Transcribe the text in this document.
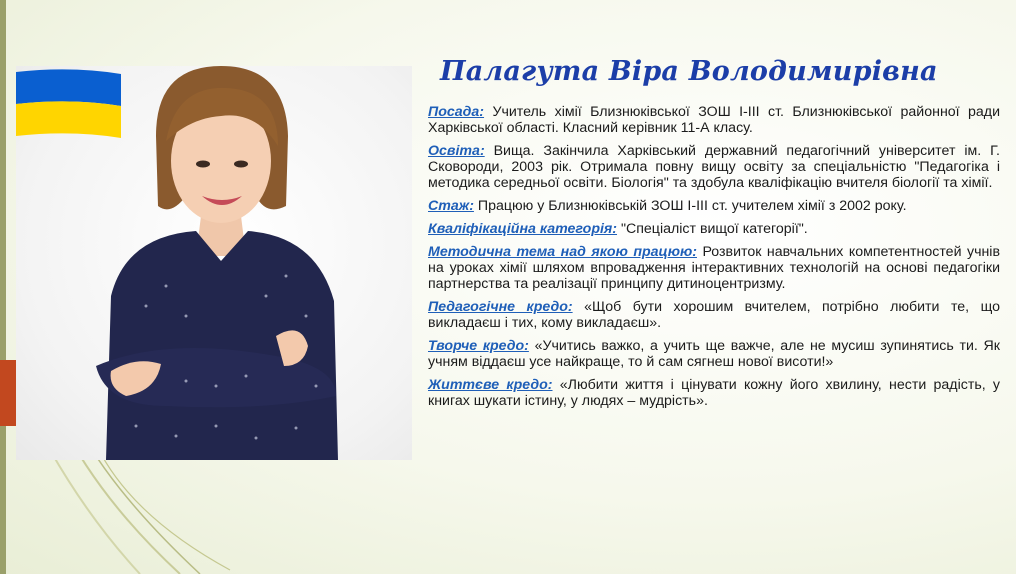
Палагута Віра Володимирівна

Посада: Учитель хімії Близнюківської ЗОШ І-ІІІ ст. Близнюківської районної ради Харківської області. Класний керівник 11-А класу.

Освіта: Вища. Закінчила Харківський державний педагогічний університет ім. Г. Сковороди, 2003 рік. Отримала повну вищу освіту за спеціальністю "Педагогіка і методика середньої освіти. Біологія" та здобула кваліфікацію вчителя біології та хімії.

Стаж: Працюю у Близнюківській ЗОШ І-ІІІ ст. учителем хімії з 2002 року.

Кваліфікаційна категорія: "Спеціаліст вищої категорії".

Методична тема над якою працюю: Розвиток навчальних компетентностей учнів на уроках хімії шляхом впровадження інтерактивних технологій на основі педагогіки партнерства та реалізації принципу дитиноцентризму.

Педагогічне кредо: «Щоб бути хорошим вчителем, потрібно любити те, що викладаєш і тих, кому викладаєш».

Творче кредо: «Учитись важко, а учить ще важче, але не мусиш зупинятись ти. Як учням віддаєш усе найкраще, то й сам сягнеш нової висоти!»

Життєве кредо: «Любити життя і цінувати кожну його хвилину, нести радість, у книгах шукати істину, у людях – мудрість».
